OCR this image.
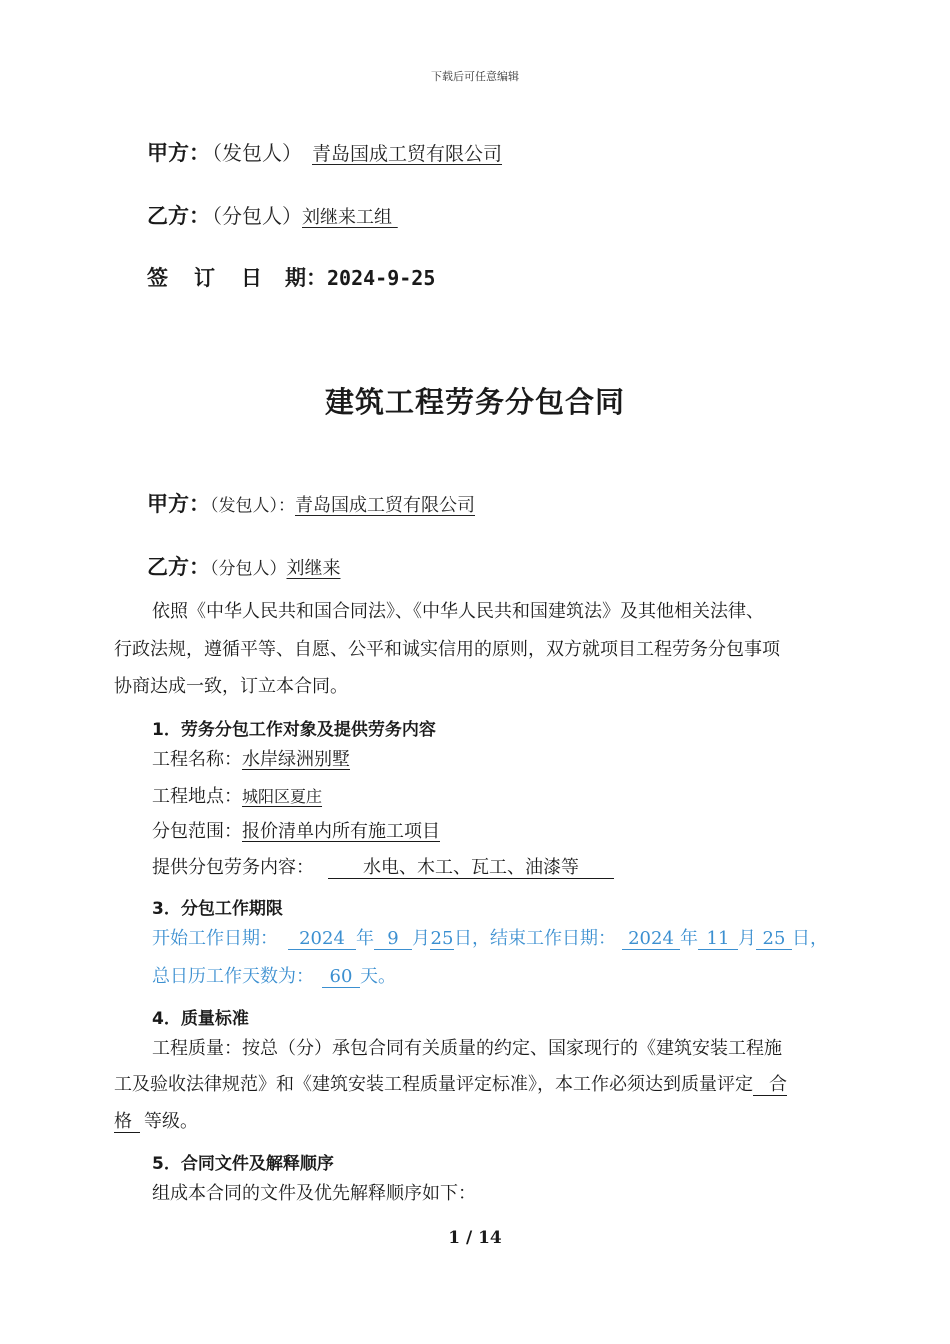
下载后可任意编辑
甲方： （发包人） 青岛国成工贸有限公司
乙方： （分包人）刘继来工组
签 订 日 期：2024-9-25
建筑工程劳务分包合同
甲方：（发包人）：青岛国成工贸有限公司
乙方：（分包人）刘继来
依照《中华人民共和国合同法》、《中华人民共和国建筑法》及其他相关法律、
行政法规，遵循平等、自愿、公平和诚实信用的原则，双方就项目工程劳务分包事项
协商达成一致，订立本合同。
1．劳务分包工作对象及提供劳务内容
工程名称：水岸绿洲别墅
工程地点：城阳区夏庄
分包范围：报价清单内所有施工项目
提供分包劳务内容：	水电、木工、瓦工、油漆等
3．分包工作期限
开始工作日期： 2024 年 9 月25日，结束工作日期： 2024 年 11 月 25 日，
总日历工作天数为： 60 天。
4．质量标准
工程质量：按总（分）承包合同有关质量的约定、国家现行的《建筑安装工程施
工及验收法律规范》和《建筑安装工程质量评定标准》，本工作必须达到质量评定 合
格 等级。
5．合同文件及解释顺序
组成本合同的文件及优先解释顺序如下：
1 / 14
